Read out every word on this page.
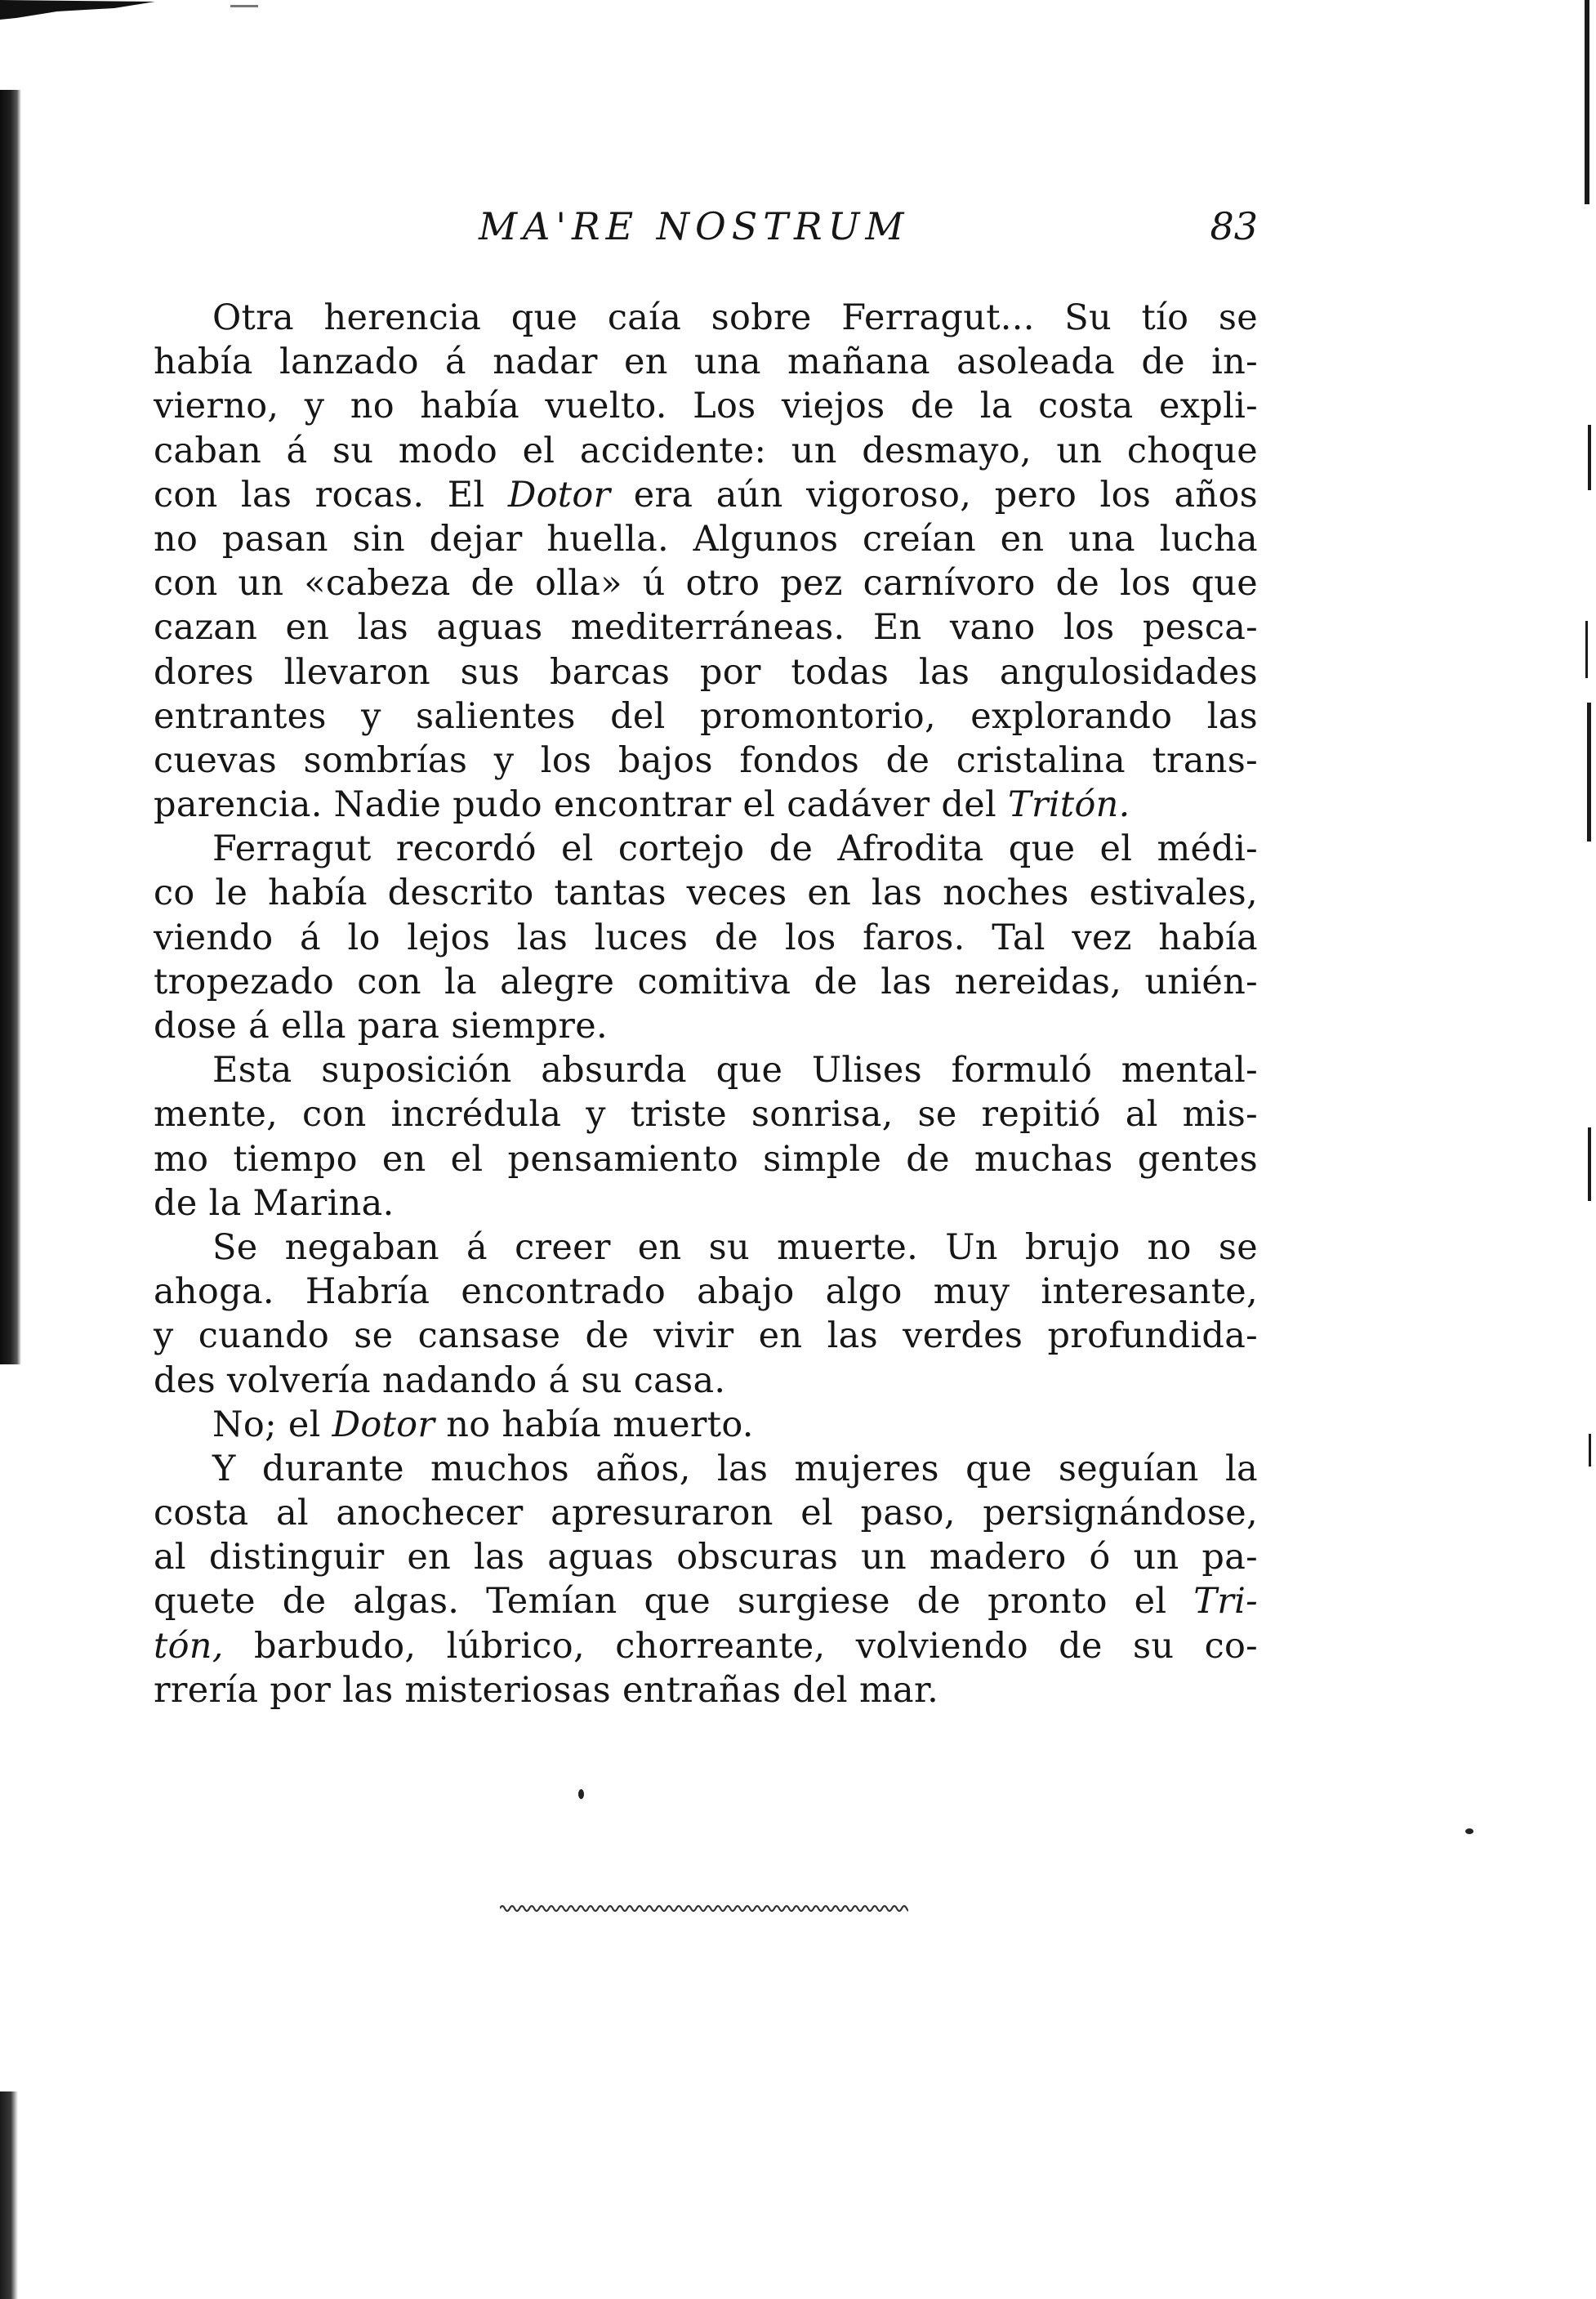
MA'RE NOSTRUM	83
Otra herencia que caía sobre Ferragut... Su tío se
había lanzado á nadar en una mañana asoleada de in-
vierno, y no había vuelto. Los viejos de la costa expli-
caban á su modo el accidente: un desmayo, un choque
con las rocas. El Dotor era aún vigoroso, pero los años
no pasan sin dejar huella. Algunos creían en una lucha
con un «cabeza de olla» ú otro pez carnívoro de los que
cazan en las aguas mediterráneas. En vano los pesca-
dores llevaron sus barcas por todas las angulosidades
entrantes y salientes del promontorio, explorando las
cuevas sombrías y los bajos fondos de cristalina trans-
parencia. Nadie pudo encontrar el cadáver del Tritón.
Ferragut recordó el cortejo de Afrodita que el médi-
co le había descrito tantas veces en las noches estivales,
viendo á lo lejos las luces de los faros. Tal vez había
tropezado con la alegre comitiva de las nereidas, unién-
dose á ella para siempre.
Esta suposición absurda que Ulises formuló mental-
mente, con incrédula y triste sonrisa, se repitió al mis-
mo tiempo en el pensamiento simple de muchas gentes
de la Marina.
Se negaban á creer en su muerte. Un brujo no se
ahoga. Habría encontrado abajo algo muy interesante,
y cuando se cansase de vivir en las verdes profundida-
des volvería nadando á su casa.
No; el Dotor no había muerto.
Y durante muchos años, las mujeres que seguían la
costa al anochecer apresuraron el paso, persignándose,
al distinguir en las aguas obscuras un madero ó un pa-
quete de algas. Temían que surgiese de pronto el Tri-
tón, barbudo, lúbrico, chorreante, volviendo de su co-
rrería por las misteriosas entrañas del mar.
